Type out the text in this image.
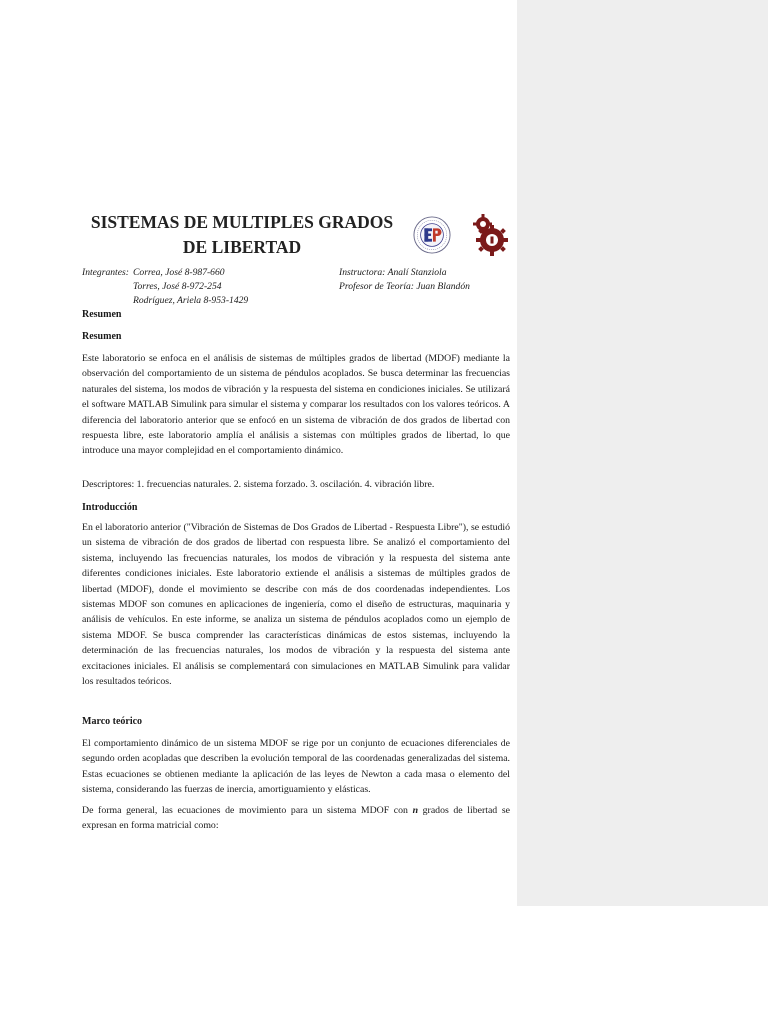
SISTEMAS DE MULTIPLES GRADOS
DE LIBERTAD
Integrantes: Correa, José 8-987-660	Instructora: Analí Stanziola
Torres, José 8-972-254	Profesor de Teoría: Juan Blandón
Rodríguez, Ariela 8-953-1429
Resumen
Resumen
Este laboratorio se enfoca en el análisis de sistemas de múltiples grados de libertad (MDOF) mediante la observación del comportamiento de un sistema de péndulos acoplados. Se busca determinar las frecuencias naturales del sistema, los modos de vibración y la respuesta del sistema en condiciones iniciales. Se utilizará el software MATLAB Simulink para simular el sistema y comparar los resultados con los valores teóricos. A diferencia del laboratorio anterior que se enfocó en un sistema de vibración de dos grados de libertad con respuesta libre, este laboratorio amplía el análisis a sistemas con múltiples grados de libertad, lo que introduce una mayor complejidad en el comportamiento dinámico.
Descriptores: 1. frecuencias naturales. 2. sistema forzado. 3. oscilación. 4. vibración libre.
Introducción
En el laboratorio anterior ("Vibración de Sistemas de Dos Grados de Libertad - Respuesta Libre"), se estudió un sistema de vibración de dos grados de libertad con respuesta libre. Se analizó el comportamiento del sistema, incluyendo las frecuencias naturales, los modos de vibración y la respuesta del sistema ante diferentes condiciones iniciales. Este laboratorio extiende el análisis a sistemas de múltiples grados de libertad (MDOF), donde el movimiento se describe con más de dos coordenadas independientes. Los sistemas MDOF son comunes en aplicaciones de ingeniería, como el diseño de estructuras, maquinaria y análisis de vehículos. En este informe, se analiza un sistema de péndulos acoplados como un ejemplo de sistema MDOF. Se busca comprender las características dinámicas de estos sistemas, incluyendo la determinación de las frecuencias naturales, los modos de vibración y la respuesta del sistema ante excitaciones iniciales. El análisis se complementará con simulaciones en MATLAB Simulink para validar los resultados teóricos.
Marco teórico
El comportamiento dinámico de un sistema MDOF se rige por un conjunto de ecuaciones diferenciales de segundo orden acopladas que describen la evolución temporal de las coordenadas generalizadas del sistema. Estas ecuaciones se obtienen mediante la aplicación de las leyes de Newton a cada masa o elemento del sistema, considerando las fuerzas de inercia, amortiguamiento y elásticas.
De forma general, las ecuaciones de movimiento para un sistema MDOF con n grados de libertad se expresan en forma matricial como:
